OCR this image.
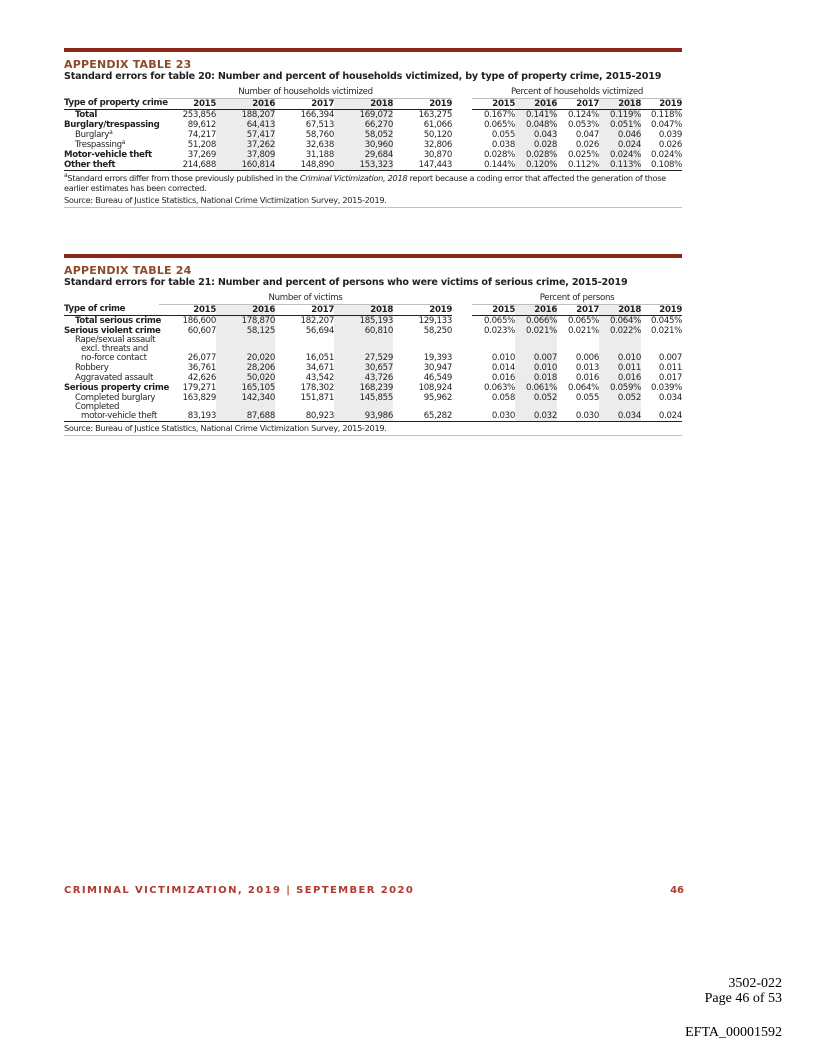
APPENDIX TABLE 23
Standard errors for table 20: Number and percent of households victimized, by type of property crime, 2015-2019
	Number of households victimized						Percent of households victimized				
Type of property crime	2015	2016	2017	2018	2019		2015	2016	2017	2018	2019
Total	253,856	188,207	166,394	169,072	163,275		0.167%	0.141%	0.124%	0.119%	0.118%
Burglary/trespassing	89,612	64,413	67,513	66,270	61,066		0.065%	0.048%	0.053%	0.051%	0.047%
Burglary$^a$	74,217	57,417	58,760	58,052	50,120		0.055	0.043	0.047	0.046	0.039
Trespassing$^a$	51,208	37,262	32,638	30,960	32,806		0.038	0.028	0.026	0.024	0.026
Motor-vehicle theft	37,269	37,809	31,188	29,684	30,870		0.028%	0.028%	0.025%	0.024%	0.024%
Other theft	214,688	160,814	148,890	153,323	147,443		0.144%	0.120%	0.112%	0.113%	0.108%
$^a$Standard errors differ from those previously published in the Criminal Victimization, 2018 report because a coding error that affected the generation of those earlier estimates has been corrected.
Source: Bureau of Justice Statistics, National Crime Victimization Survey, 2015-2019.
APPENDIX TABLE 24
Standard errors for table 21: Number and percent of persons who were victims of serious crime, 2015-2019
	Number of victims						Percent of persons				
Type of crime	2015	2016	2017	2018	2019		2015	2016	2017	2018	2019
Total serious crime	186,600	178,870	182,207	185,193	129,133		0.065%	0.066%	0.065%	0.064%	0.045%
Serious violent crime	60,607	58,125	56,694	60,810	58,250		0.023%	0.021%	0.021%	0.022%	0.021%

Rape/sexual assault
excl. threats and
no-force contact	26,077	20,020	16,051	27,529	19,393		0.010	0.007	0.006	0.010	0.007
Robbery	36,761	28,206	34,671	30,657	30,947		0.014	0.010	0.013	0.011	0.011
Aggravated assault	42,626	50,020	43,542	43,726	46,549		0.016	0.018	0.016	0.016	0.017
Serious property crime	179,271	165,105	178,302	168,239	108,924		0.063%	0.061%	0.064%	0.059%	0.039%
Completed burglary	163,829	142,340	151,871	145,855	95,962		0.058	0.052	0.055	0.052	0.034

Completed
motor-vehicle theft	83,193	87,688	80,923	93,986	65,282		0.030	0.032	0.030	0.034	0.024
Source: Bureau of Justice Statistics, National Crime Victimization Survey, 2015-2019.
CRIMINAL VICTIMIZATION, 2019 | SEPTEMBER 2020	46
3502-022
Page 46 of 53
EFTA_00001592
